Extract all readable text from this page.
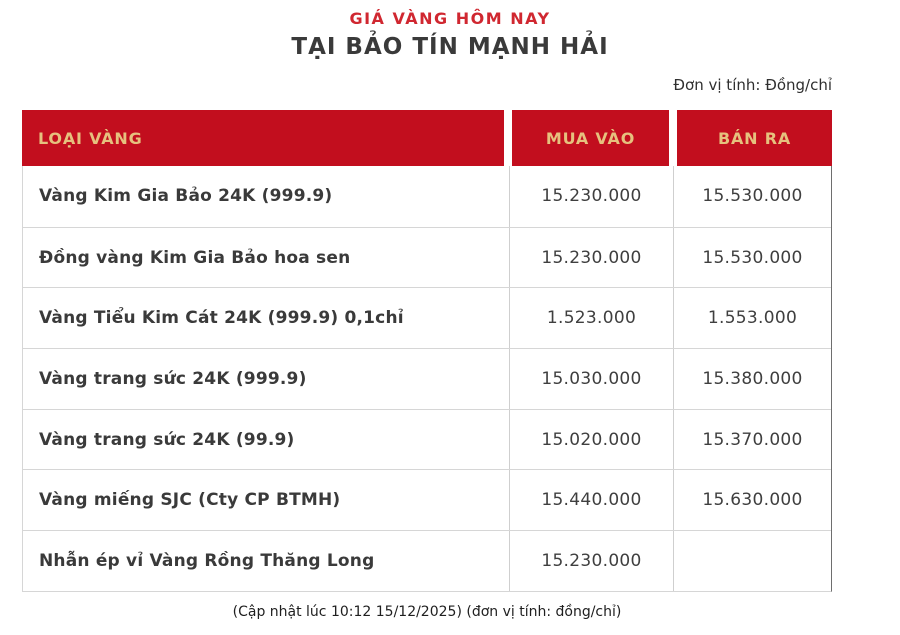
GIÁ VÀNG HÔM NAY
TẠI BẢO TÍN MẠNH HẢI
Đơn vị tính: Đồng/chỉ
LOẠI VÀNG	MUA VÀO	BÁN RA
Vàng Kim Gia Bảo 24K (999.9)	15.230.000	15.530.000
Đồng vàng Kim Gia Bảo hoa sen	15.230.000	15.530.000
Vàng Tiểu Kim Cát 24K (999.9) 0,1chỉ	1.523.000	1.553.000
Vàng trang sức 24K (999.9)	15.030.000	15.380.000
Vàng trang sức 24K (99.9)	15.020.000	15.370.000
Vàng miếng SJC (Cty CP BTMH)	15.440.000	15.630.000
Nhẫn ép vỉ Vàng Rồng Thăng Long	15.230.000
(Cập nhật lúc 10:12 15/12/2025) (đơn vị tính: đồng/chỉ)
